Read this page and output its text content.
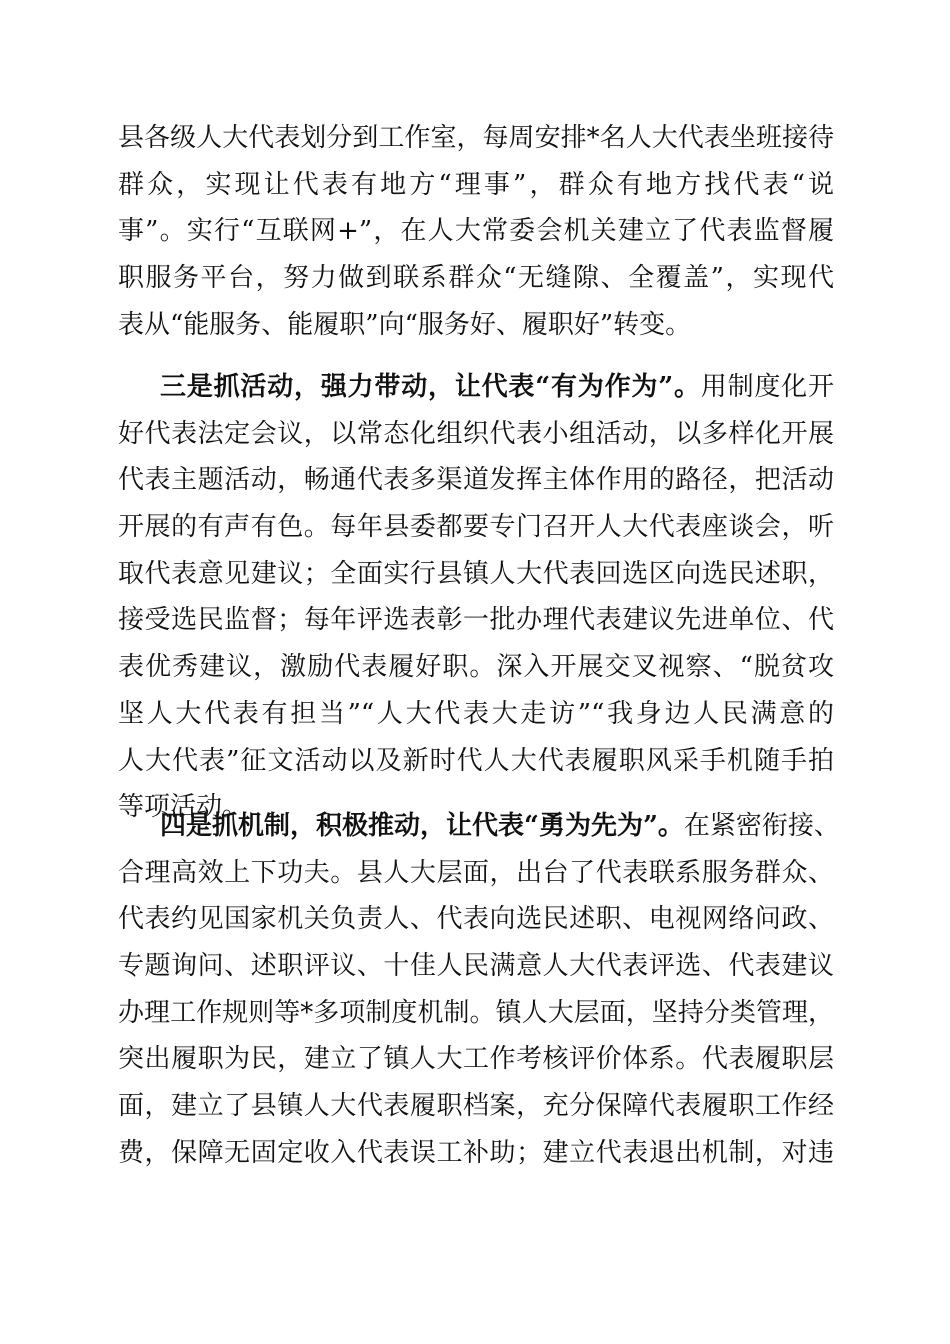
县各级人大代表划分到工作室，每周安排*名人大代表坐班接待
群众，实现让代表有地方“理事”，群众有地方找代表“说
事”。实行“互联网+”，在人大常委会机关建立了代表监督履
职服务平台，努力做到联系群众“无缝隙、全覆盖”，实现代
表从“能服务、能履职”向“服务好、履职好”转变。
三是抓活动，强力带动，让代表“有为作为”。用制度化开
好代表法定会议，以常态化组织代表小组活动，以多样化开展
代表主题活动，畅通代表多渠道发挥主体作用的路径，把活动
开展的有声有色。每年县委都要专门召开人大代表座谈会，听
取代表意见建议；全面实行县镇人大代表回选区向选民述职，
接受选民监督；每年评选表彰一批办理代表建议先进单位、代
表优秀建议，激励代表履好职。深入开展交叉视察、“脱贫攻
坚人大代表有担当”“人大代表大走访”“我身边人民满意的
人大代表”征文活动以及新时代人大代表履职风采手机随手拍
等项活动。
四是抓机制，积极推动，让代表“勇为先为”。在紧密衔接、
合理高效上下功夫。县人大层面，出台了代表联系服务群众、
代表约见国家机关负责人、代表向选民述职、电视网络问政、
专题询问、述职评议、十佳人民满意人大代表评选、代表建议
办理工作规则等*多项制度机制。镇人大层面，坚持分类管理，
突出履职为民，建立了镇人大工作考核评价体系。代表履职层
面，建立了县镇人大代表履职档案，充分保障代表履职工作经
费，保障无固定收入代表误工补助；建立代表退出机制，对违
